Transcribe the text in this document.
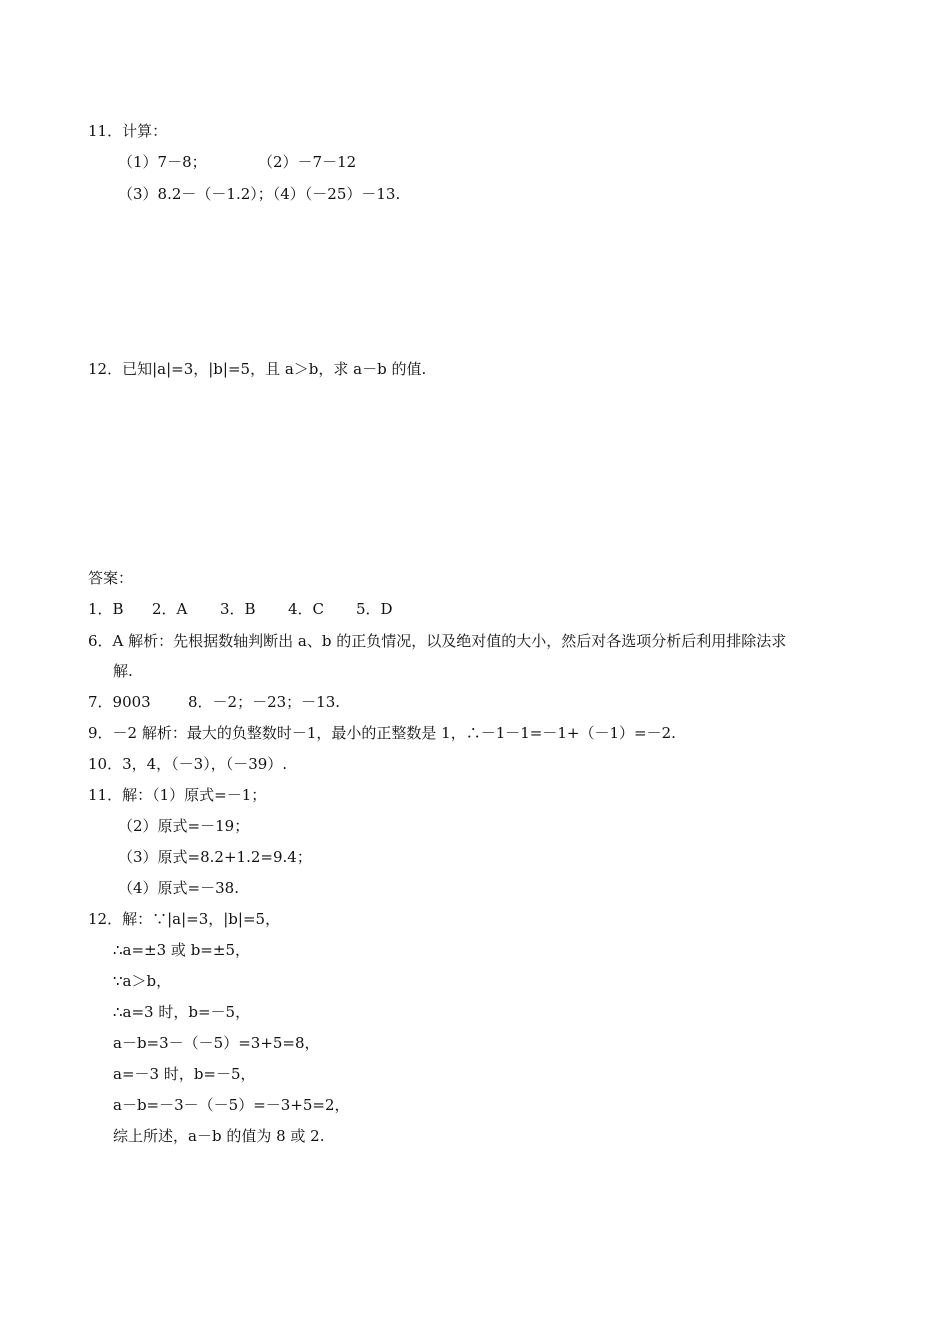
11．计算：
（1）7－8；	（2）－7－12
（3）8.2－（－1.2）；（4）（－25）－13.
12．已知|a|=3，|b|=5，且 a＞b，求 a－b 的值.
答案：
1．B 2．A 3．B 4．C 5．D
6．A 解析：先根据数轴判断出 a、b 的正负情况，以及绝对值的大小，然后对各选项分析后利用排除法求
解.
7．9003 8．－2；－23；－13.
9．－2 解析：最大的负整数时－1，最小的正整数是 1，∴－1－1=－1+（－1）=－2.
10．3，4，（－3），（－39）.
11．解：（1）原式=－1；
（2）原式=－19；
（3）原式=8.2+1.2=9.4；
（4）原式=－38.
12．解：∵|a|=3，|b|=5，
∴a=±3 或 b=±5，
∵a＞b，
∴a=3 时，b=－5，
a－b=3－（－5）=3+5=8，
a=－3 时，b=－5，
a－b=－3－（－5）=－3+5=2，
综上所述，a－b 的值为 8 或 2.
